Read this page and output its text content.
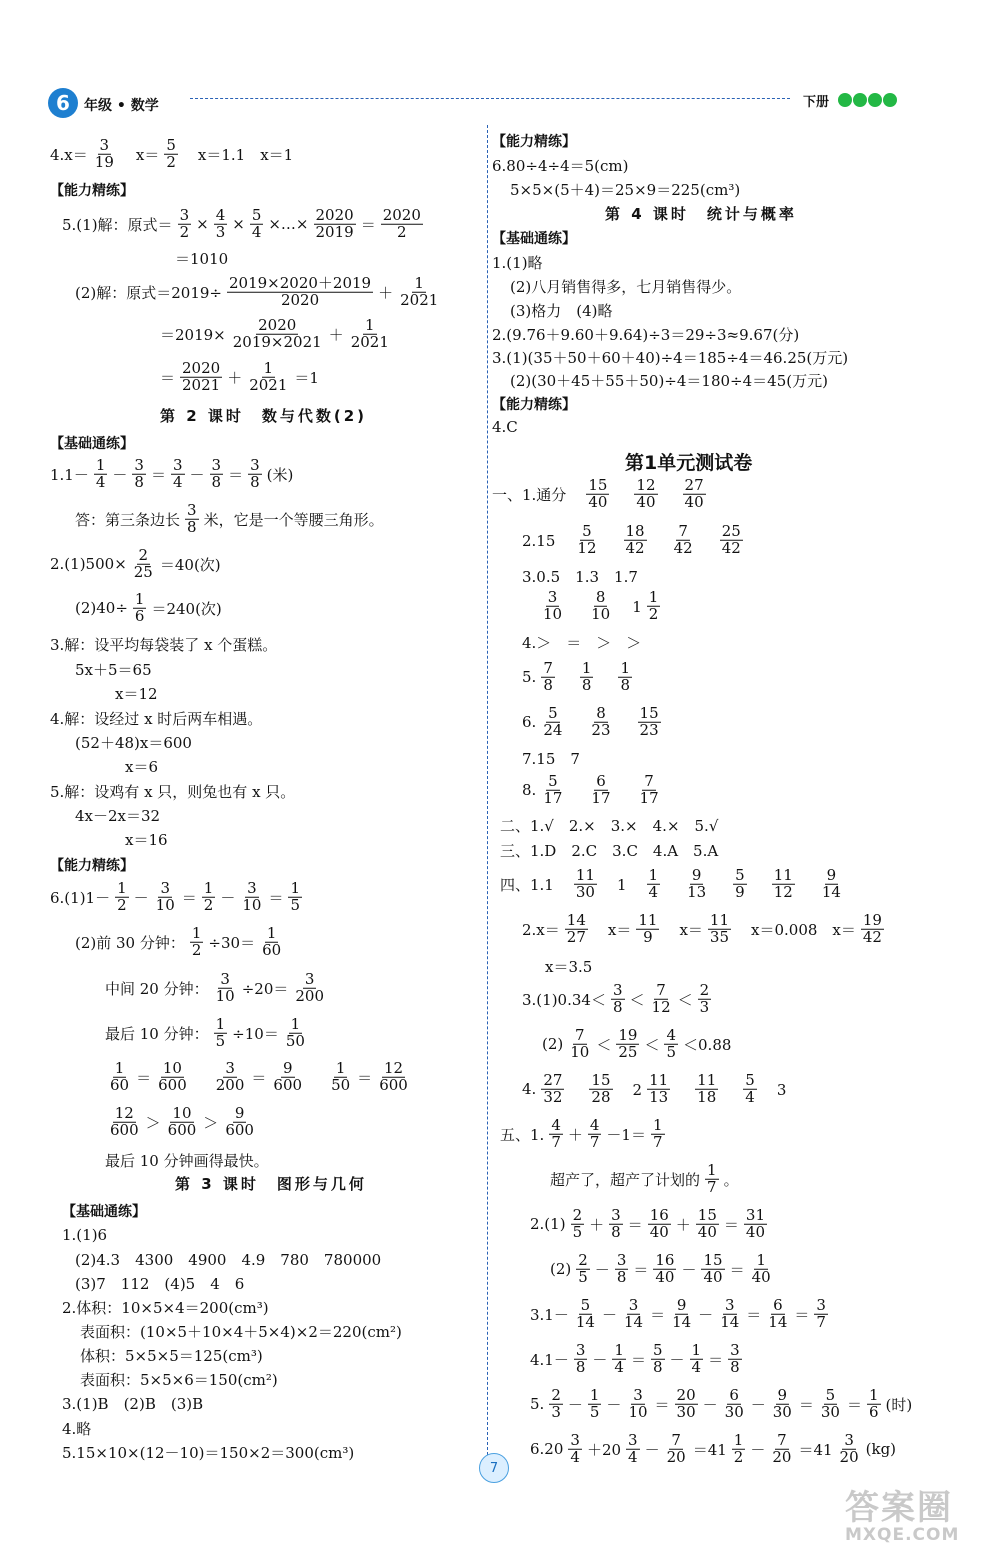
6	年级 • 数学	下册
$4.x= \frac{3}{19}$ 　$x= \frac{5}{2}$ 　x＝1.1　x＝1
【能力精练】
5.(1)解：原式＝ $\frac{3}{2} \times \frac{4}{3} \times \frac{5}{4}$ ×…× $\frac{2020}{2019} = \frac{2020}{2}$
＝1010
(2)解：原式$=2019\div \frac{2019\times 2020+2019}{2020} + \frac{1}{2021}$
$=2019\times \frac{2020}{2019\times 2021} + \frac{1}{2021}$
＝ $\frac{2020}{2021} + \frac{1}{2021} =1$
第 2 课时　数与代数(2)
【基础通练】
$1.1- \frac{1}{4} - \frac{3}{8} = \frac{3}{4} - \frac{3}{8} = \frac{3}{8}$ (米)
答：第三条边长 $\frac{3}{8}$ 米，它是一个等腰三角形。
$2.(1)500\times \frac{2}{25} =40$(次)
$(2)40\div \frac{1}{6} =240$(次)
3.解：设平均每袋装了 x 个蛋糕。
5x＋5＝65
x＝12
4.解：设经过 x 时后两车相遇。
(52＋48)x＝600
x＝6
5.解：设鸡有 x 只，则兔也有 x 只。
4x－2x＝32
x＝16
【能力精练】
$6.(1)1- \frac{1}{2} - \frac{3}{10} = \frac{1}{2} - \frac{3}{10} = \frac{1}{5}$
(2)前 30 分钟： $\frac{1}{2} \div 30= \frac{1}{60}$
中间 20 分钟： $\frac{3}{10} \div 20= \frac{3}{200}$
最后 10 分钟： $\frac{1}{5} \div 10= \frac{1}{50}$
$\frac{1}{60} = \frac{10}{600}$
　 $\frac{3}{200} = \frac{9}{600}$
　 $\frac{1}{50} = \frac{12}{600}$
$\frac{12}{600} > \frac{10}{600} > \frac{9}{600}$
最后 10 分钟画得最快。
第 3 课时　图形与几何
【基础通练】
1.(1)6
(2)4.3　4300　4900　4.9　780　780000
(3)7　112　(4)5　4　6
2.体积：10×5×4＝200(cm³)
表面积：(10×5＋10×4＋5×4)×2＝220(cm²)
体积：5×5×5＝125(cm³)
表面积：5×5×6＝150(cm²)
3.(1)B　(2)B　(3)B
4.略
5.15×10×(12－10)＝150×2＝300(cm³)
【能力精练】
6.80÷4÷4＝5(cm)
5×5×(5＋4)＝25×9＝225(cm³)
第 4 课时　统计与概率
【基础通练】
1.(1)略
(2)八月销售得多，七月销售得少。
(3)格力　(4)略
2.(9.76＋9.60＋9.64)÷3＝29÷3≈9.67(分)
3.(1)(35＋50＋60＋40)÷4＝185÷4＝46.25(万元)
(2)(30＋45＋55＋50)÷4＝180÷4＝45(万元)
【能力精练】
4.C
第1单元测试卷
一、1.通分　 $\frac{15}{40}$
　 $\frac{12}{40}$
　 $\frac{27}{40}$
2.15　 $\frac{5}{12}$
　 $\frac{18}{42}$
　 $\frac{7}{42}$
　 $\frac{25}{42}$
3.0.5　1.3　1.7
$\frac{3}{10}$
　 $\frac{8}{10}$ 　$1 \frac{1}{2}$
4.＞　＝　＞　＞
5. $\frac{7}{8}$
　 $\frac{1}{8}$
　 $\frac{1}{8}$
6. $\frac{5}{24}$
　 $\frac{8}{23}$
　 $\frac{15}{23}$
7.15　7
8. $\frac{5}{17}$
　 $\frac{6}{17}$
　 $\frac{7}{17}$
二、1.√　2.×　3.×　4.×　5.√
三、1.D　2.C　3.C　4.A　5.A
四、1.1　 $\frac{11}{30}$ 　1　 $\frac{1}{4}$
　 $\frac{9}{13}$
　 $\frac{5}{9}$
　 $\frac{11}{12}$
　 $\frac{9}{14}$
$2.x= \frac{14}{27}$ 　$x= \frac{11}{9}$ 　$x= \frac{11}{35}$ 　x＝0.008　$x= \frac{19}{42}$
x＝3.5
$3.(1)0.34< \frac{3}{8} < \frac{7}{12} < \frac{2}{3}$
$(2) \frac{7}{10} < \frac{19}{25} < \frac{4}{5} <0.88$
4. $\frac{27}{32}$
　 $\frac{15}{28}$ 　$2 \frac{11}{13}$
　 $\frac{11}{18}$
　 $\frac{5}{4}$ 　3
五、1. $\frac{4}{7} + \frac{4}{7} -1= \frac{1}{7}$
超产了，超产了计划的 $\frac{1}{7}$ 。
$2.(1) \frac{2}{5} + \frac{3}{8} = \frac{16}{40} + \frac{15}{40} = \frac{31}{40}$
$(2) \frac{2}{5} - \frac{3}{8} = \frac{16}{40} - \frac{15}{40} = \frac{1}{40}$
$3.1- \frac{5}{14} - \frac{3}{14} = \frac{9}{14} - \frac{3}{14} = \frac{6}{14} = \frac{3}{7}$
$4.1- \frac{3}{8} - \frac{1}{4} = \frac{5}{8} - \frac{1}{4} = \frac{3}{8}$
5. $\frac{2}{3} - \frac{1}{5} - \frac{3}{10} = \frac{20}{30} - \frac{6}{30} - \frac{9}{30} = \frac{5}{30} = \frac{1}{6}$ (时)
$6.20 \frac{3}{4} +20 \frac{3}{4} - \frac{7}{20} =41 \frac{1}{2} - \frac{7}{20} =41 \frac{3}{20} (kg)$
7
答案圈
MXQE.COM
